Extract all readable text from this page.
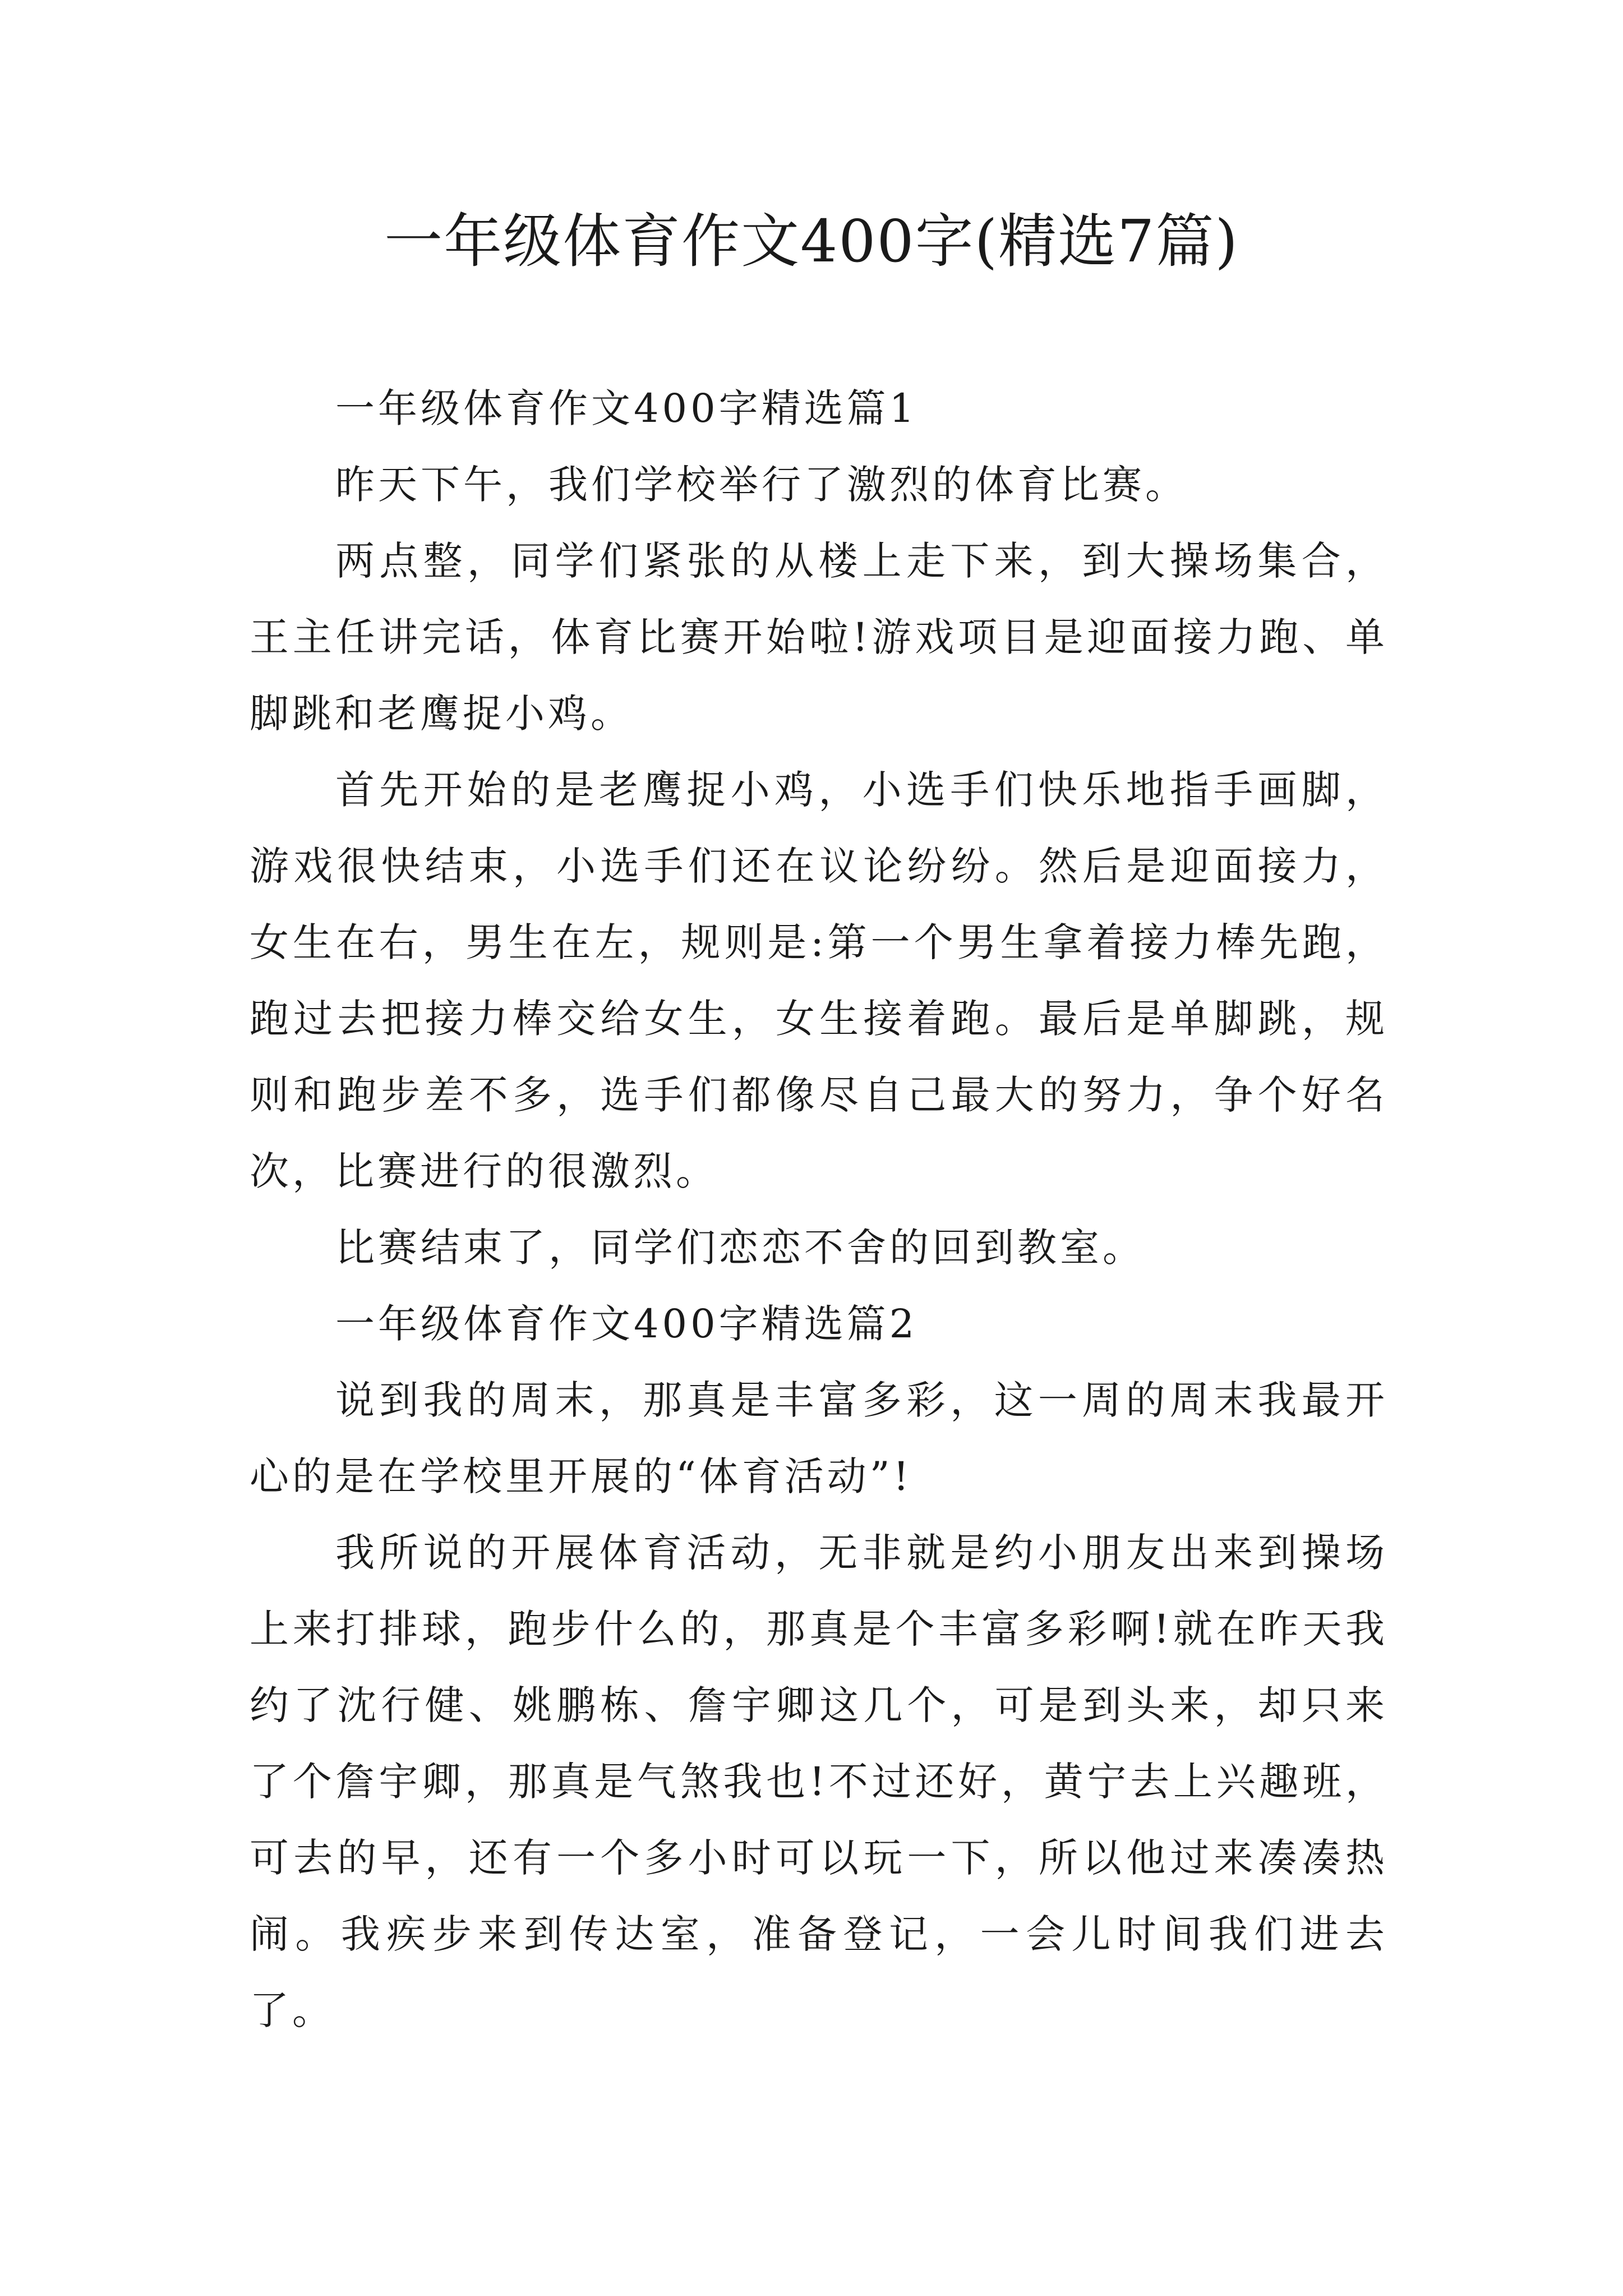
一年级体育作文400字(精选7篇)
一年级体育作文400字精选篇1

昨天下午，我们学校举行了激烈的体育比赛。

两点整，同学们紧张的从楼上走下来，到大操场集合，王主任讲完话，体育比赛开始啦!游戏项目是迎面接力跑、单脚跳和老鹰捉小鸡。

首先开始的是老鹰捉小鸡，小选手们快乐地指手画脚，游戏很快结束，小选手们还在议论纷纷。然后是迎面接力，女生在右，男生在左，规则是:第一个男生拿着接力棒先跑，跑过去把接力棒交给女生，女生接着跑。最后是单脚跳，规则和跑步差不多，选手们都像尽自己最大的努力，争个好名次，比赛进行的很激烈。

比赛结束了，同学们恋恋不舍的回到教室。

一年级体育作文400字精选篇2

说到我的周末，那真是丰富多彩，这一周的周末我最开心的是在学校里开展的“体育活动”!

我所说的开展体育活动，无非就是约小朋友出来到操场上来打排球，跑步什么的，那真是个丰富多彩啊!就在昨天我约了沈行健、姚鹏栋、詹宇卿这几个，可是到头来，却只来了个詹宇卿，那真是气煞我也!不过还好，黄宁去上兴趣班，可去的早，还有一个多小时可以玩一下，所以他过来凑凑热闹。我疾步来到传达室，准备登记，一会儿时间我们进去了。
